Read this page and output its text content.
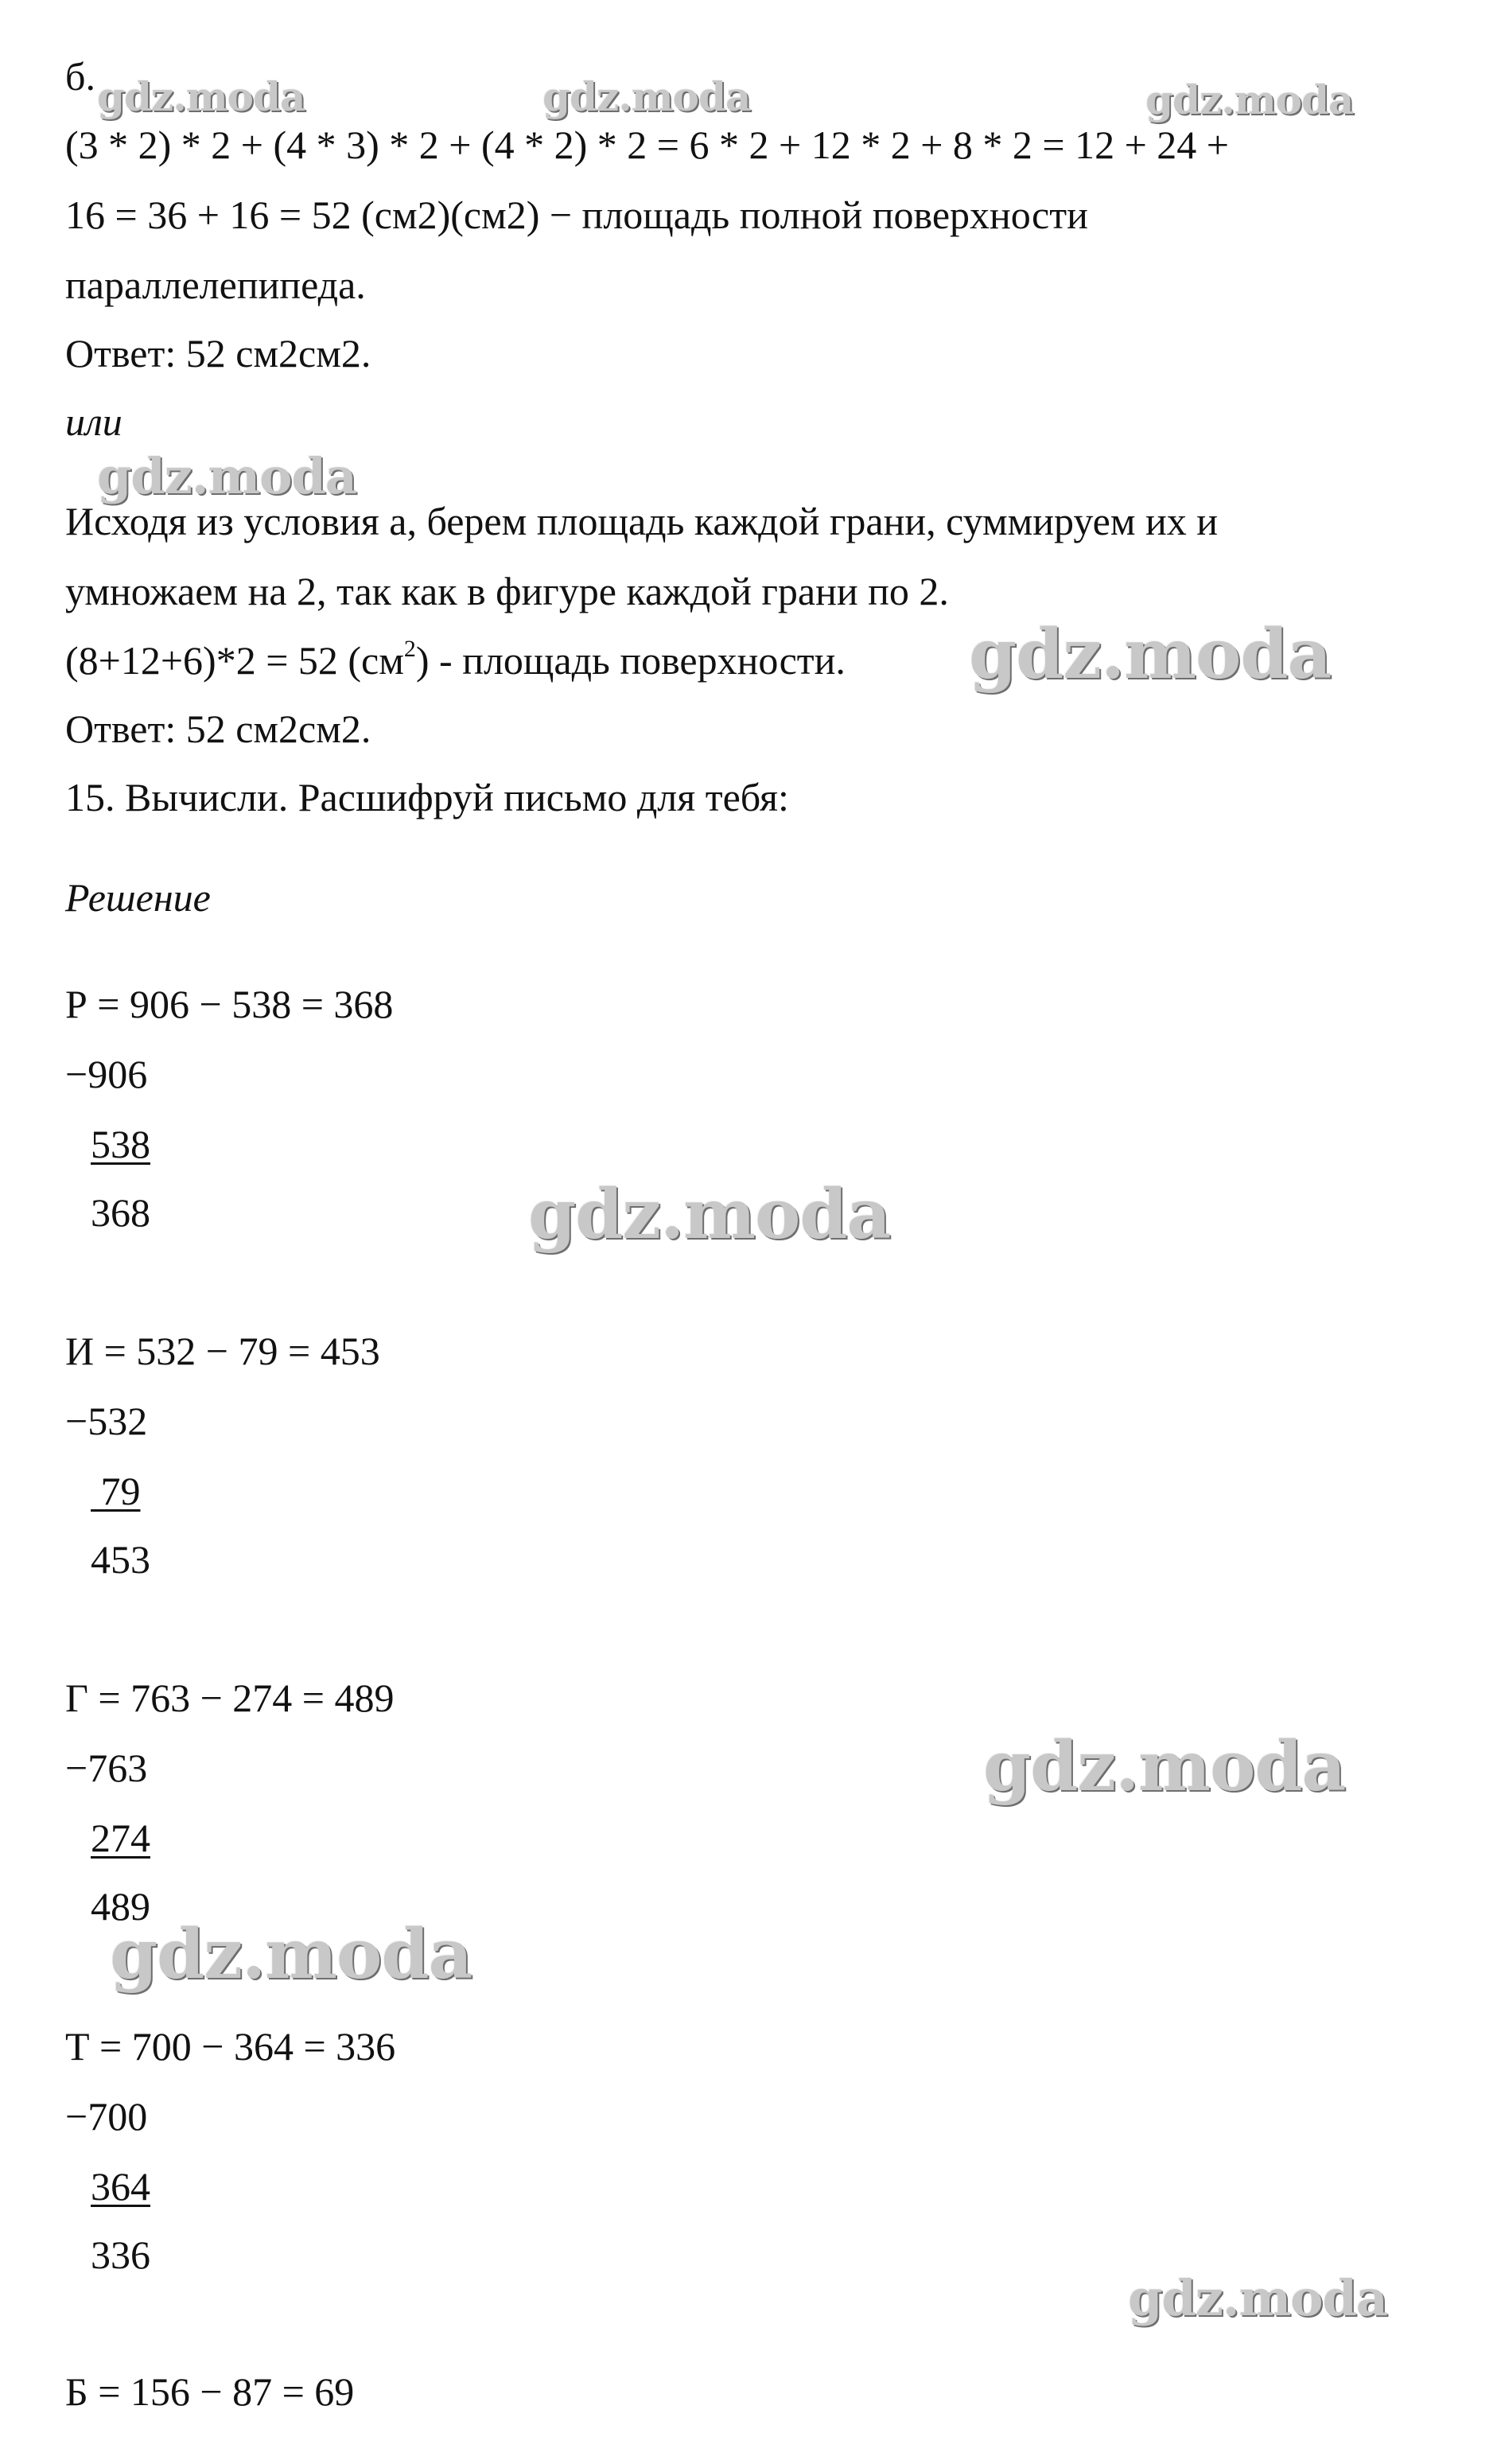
б.

(3 * 2) * 2 + (4 * 3) * 2 + (4 * 2) * 2 = 6 * 2 + 12 * 2 + 8 * 2 = 12 + 24 +

16 = 36 + 16 = 52 (см2)(см2) − площадь полной поверхности

параллелепипеда.

Ответ: 52 см2см2.

или

Исходя из условия а, берем площадь каждой грани, суммируем их и

умножаем на 2, так как в фигуре каждой грани по 2.

(8+12+6)*2 = 52 $(см^2)$ - площадь поверхности.

Ответ: 52 см2см2.

15. Вычисли. Расшифруй письмо для тебя:

Решение

Р = 906 − 538 = 368

−906

538

368

И = 532 − 79 = 453

−532

79

453

Г = 763 − 274 = 489

−763

274

489

Т = 700 − 364 = 336

−700

364

336

Б = 156 − 87 = 69

gdz.moda	gdz.moda	gdz.moda
gdz.moda
gdz.moda
gdz.moda
gdz.moda
gdz.moda
gdz.moda
